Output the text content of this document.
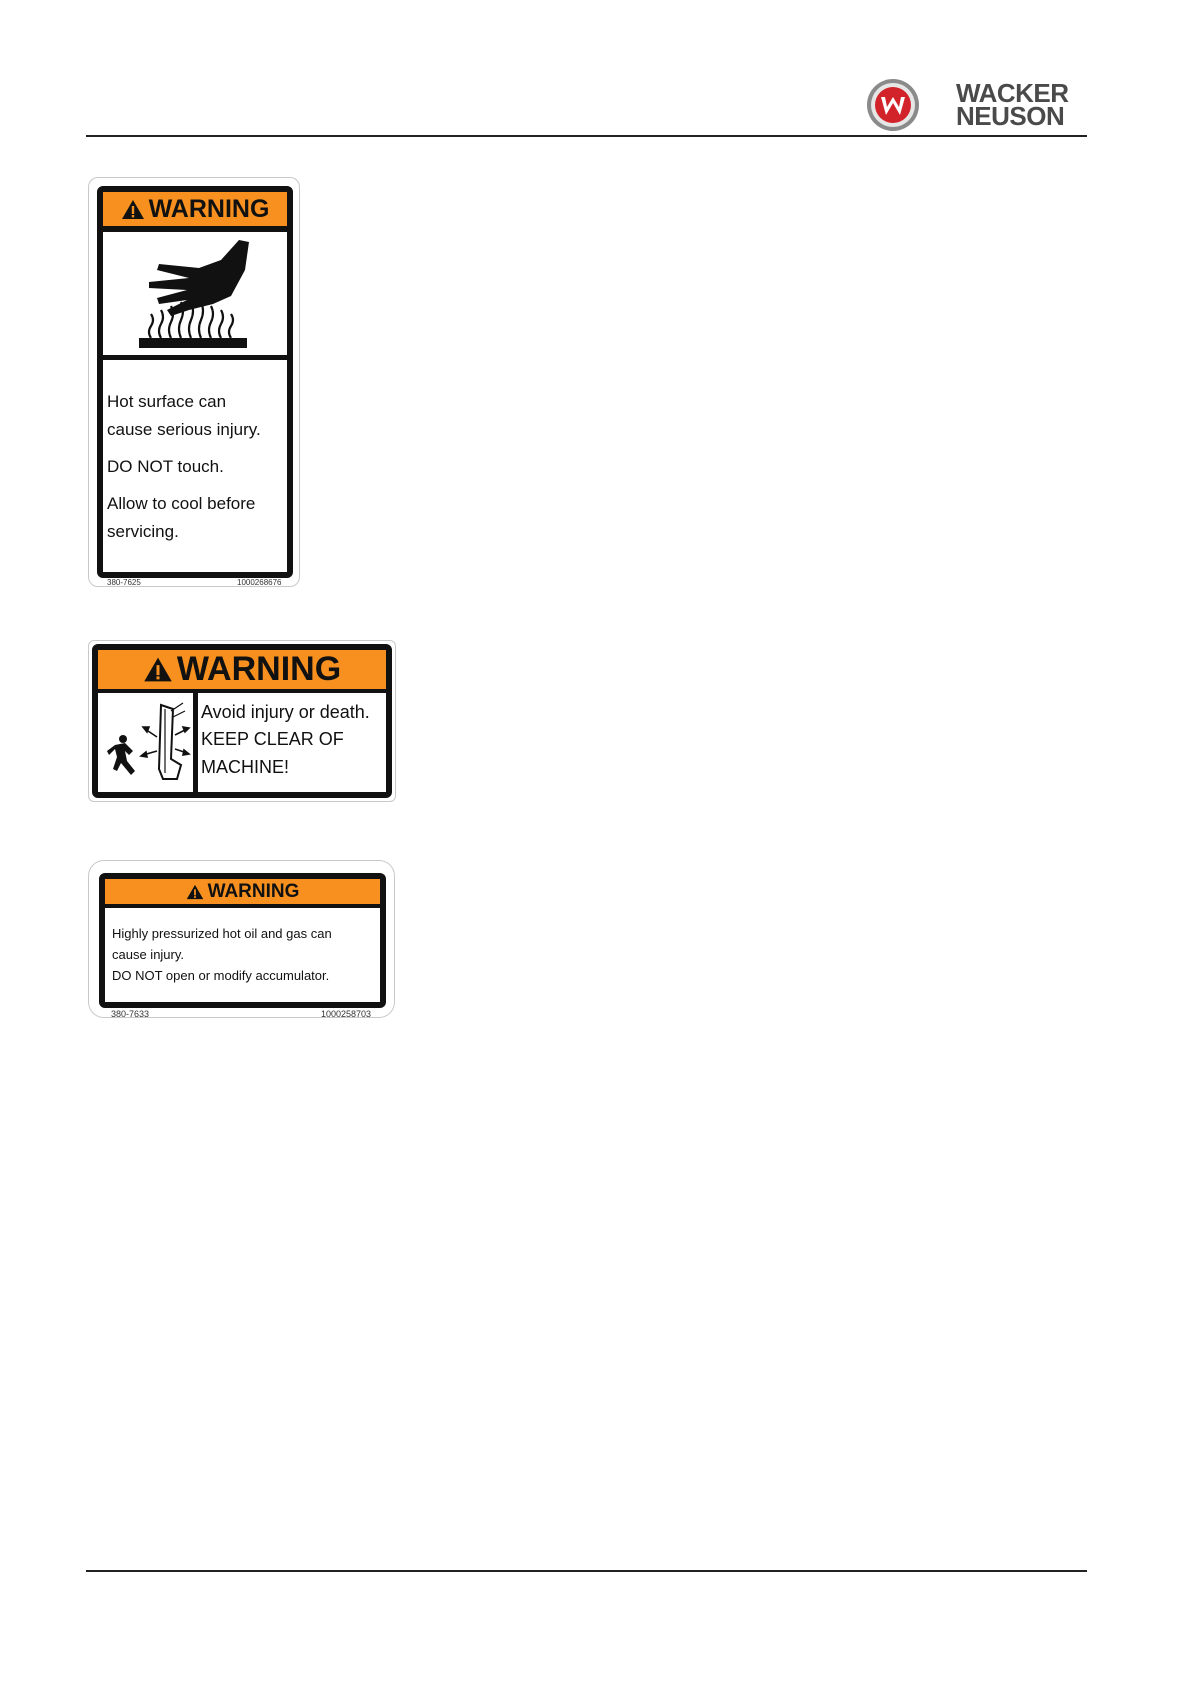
WACKER
NEUSON
WARNING
Hot surface can
cause serious injury.
DO NOT touch.
Allow to cool before
servicing.
380-7625	1000268676
WARNING
Avoid injury or death.
KEEP CLEAR OF
MACHINE!
WARNING
Highly pressurized hot oil and gas can
cause injury.
DO NOT open or modify accumulator.
380-7633	1000258703
